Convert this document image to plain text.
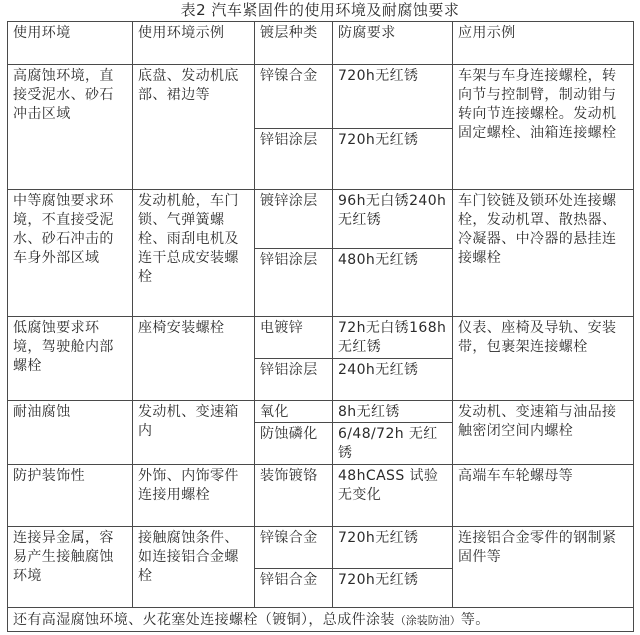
表2 汽车紧固件的使用环境及耐腐蚀要求
使用环境	使用环境示例	镀层种类	防腐要求	应用示例
高腐蚀环境，直接受泥水、砂石冲击区域	底盘、发动机底部、裙边等	锌镍合金	720h无红锈	车架与车身连接螺栓，转向节与控制臂，制动钳与转向节连接螺栓。发动机固定螺栓、油箱连接螺栓
		锌铝涂层	720h无红锈	
中等腐蚀要求环境，不直接受泥水、砂石冲击的车身外部区域	发动机舱，车门锁、气弹簧螺栓、雨刮电机及连干总成安装螺栓	镀锌涂层	96h无白锈240h无红锈	车门铰链及锁环处连接螺栓，发动机罩、散热器、冷凝器、中冷器的悬挂连接螺栓
		锌铝涂层	480h无红锈	
低腐蚀要求环境，驾驶舱内部螺栓	座椅安装螺栓	电镀锌	72h无白锈168h无红锈	仪表、座椅及导轨、安装带，包裹架连接螺栓
		锌铝涂层	240h无红锈	
耐油腐蚀	发动机、变速箱内	氧化	8h无红锈	发动机、变速箱与油品接触密闭空间内螺栓
		防蚀磷化	6/48/72h 无红锈	
防护装饰性	外饰、内饰零件连接用螺栓	装饰镀铬	48hCASS 试验无变化	高端车车轮螺母等
连接异金属，容易产生接触腐蚀环境	接触腐蚀条件、如连接铝合金螺栓	锌镍合金	720h无红锈	连接铝合金零件的钢制紧固件等
		锌铝合金	720h无红锈	
还有高湿腐蚀环境、火花塞处连接螺栓（镀铜），总成件涂装（涂装防油）等。				
